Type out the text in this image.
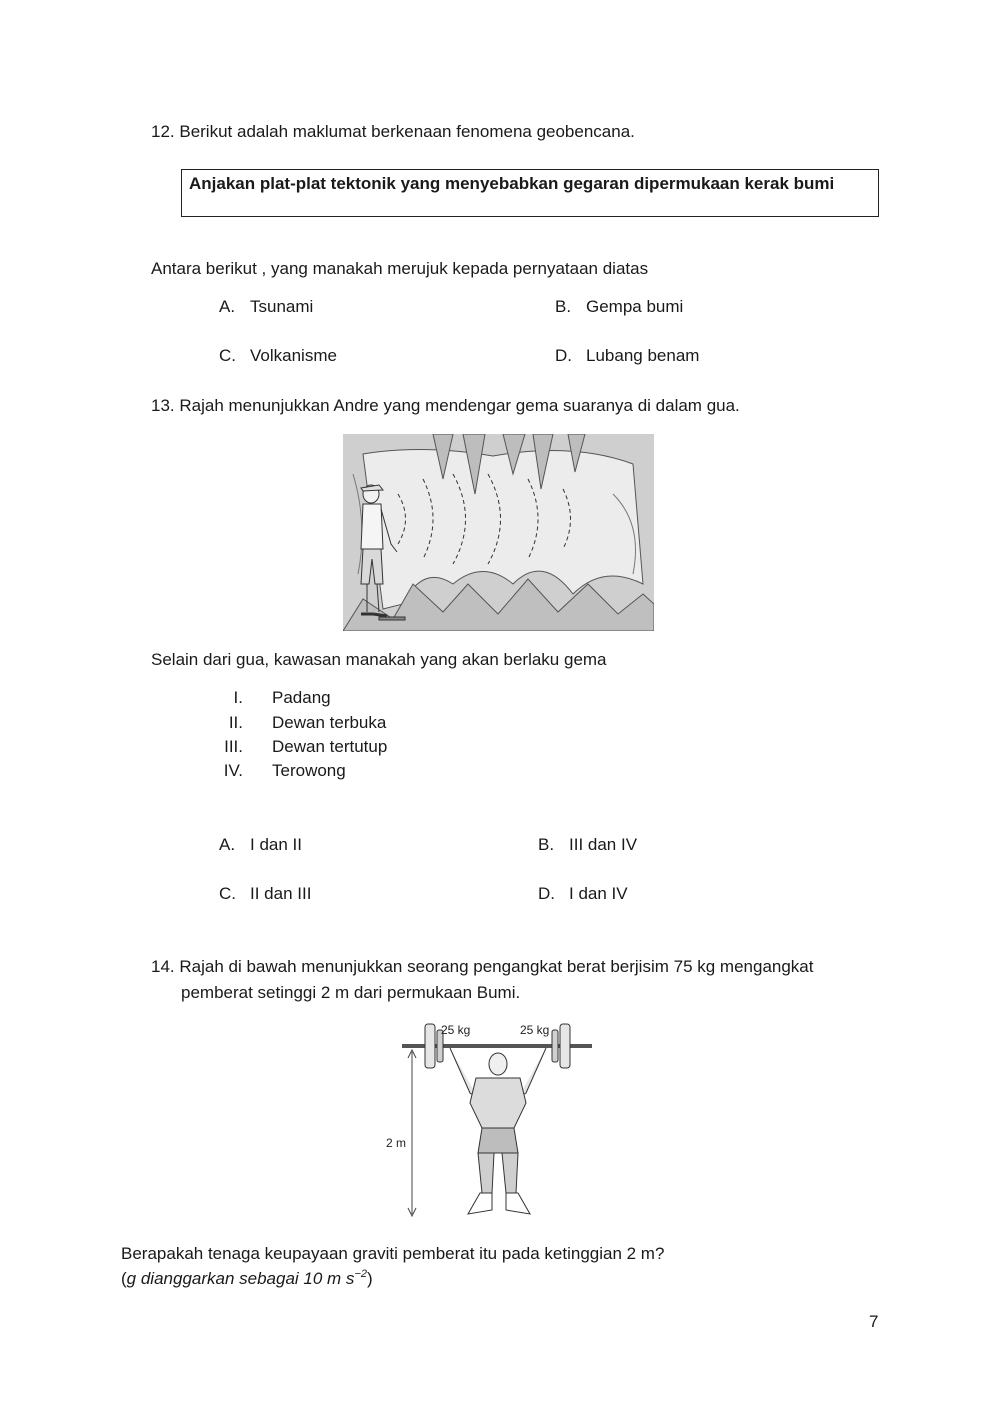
12. Berikut adalah maklumat berkenaan fenomena geobencana.
Anjakan plat-plat tektonik yang menyebabkan gegaran dipermukaan kerak bumi
Antara berikut , yang manakah merujuk kepada pernyataan diatas
A. Tsunami	B. Gempa bumi
C. Volkanisme	D. Lubang benam
13. Rajah menunjukkan Andre yang mendengar gema suaranya di dalam gua.
Selain dari gua, kawasan manakah yang akan berlaku gema
I. Padang
II. Dewan terbuka
III. Dewan tertutup
IV. Terowong
A. I dan II	B. III dan IV
C. II dan III	D. I dan IV
14. Rajah di bawah menunjukkan seorang pengangkat berat berjisim 75 kg mengangkat
pemberat setinggi 2 m dari permukaan Bumi.
25 kg	25 kg
2 m
Berapakah tenaga keupayaan graviti pemberat itu pada ketinggian 2 m?
(g dianggarkan sebagai 10 m $s^{-2}$)
7
